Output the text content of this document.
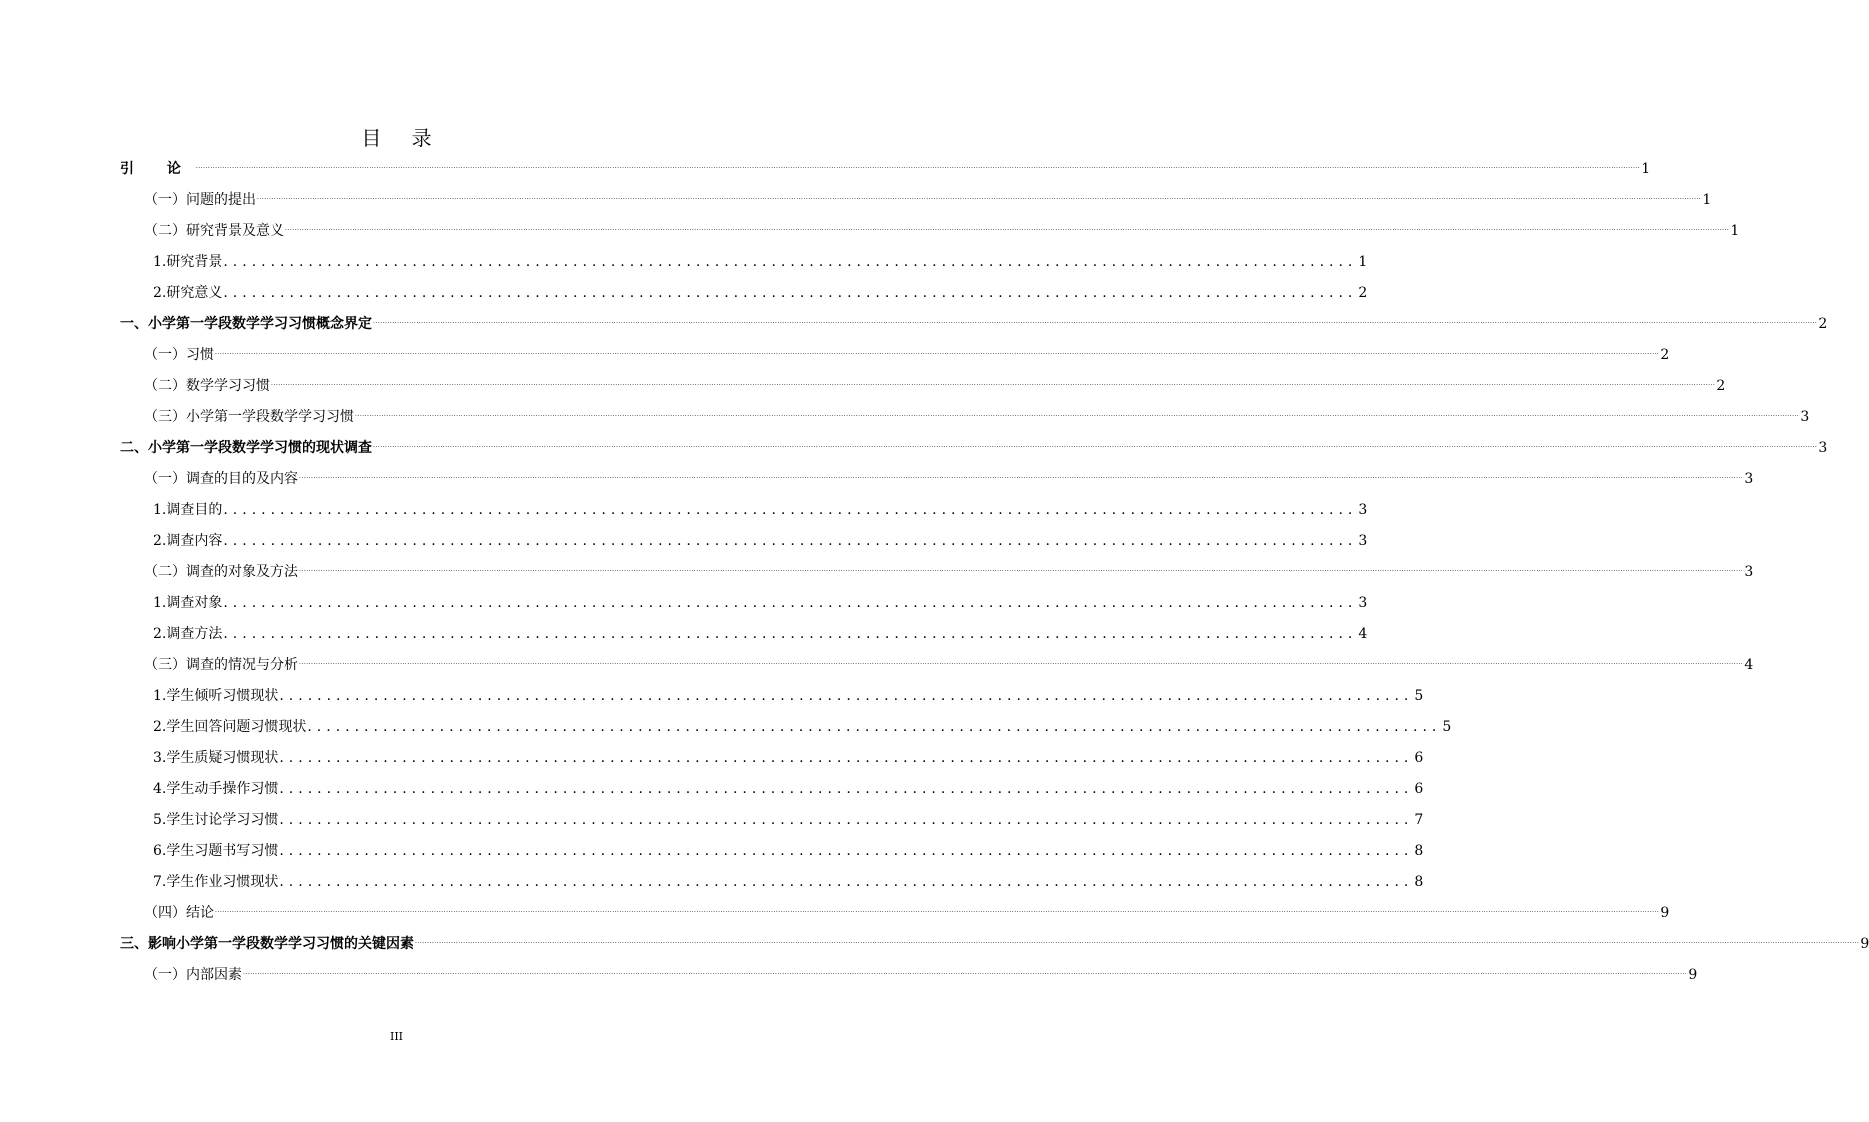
目 录
引 论 ........................................................................................................................................................................................................................................................................................................................................................................................................................................................................................................................................................................................................................ 1
（一）问题的提出 ........................................................................................................................................................................................................................................................................................................................................................................................................................................................................................................................................................................................................................ 1
（二）研究背景及意义 ........................................................................................................................................................................................................................................................................................................................................................................................................................................................................................................................................................................................................................ 1
1.研究背景 ........................................................................................................................ 1
2.研究意义 ........................................................................................................................ 2
一、小学第一学段数学学习习惯概念界定 ........................................................................................................................................................................................................................................................................................................................................................................................................................................................................................................................................................................................................................ 2
（一）习惯 ........................................................................................................................................................................................................................................................................................................................................................................................................................................................................................................................................................................................................................ 2
（二）数学学习习惯 ........................................................................................................................................................................................................................................................................................................................................................................................................................................................................................................................................................................................................................ 2
（三）小学第一学段数学学习习惯 ........................................................................................................................................................................................................................................................................................................................................................................................................................................................................................................................................................................................................................ 3
二、小学第一学段数学学习惯的现状调查 ........................................................................................................................................................................................................................................................................................................................................................................................................................................................................................................................................................................................................................ 3
（一）调查的目的及内容 ........................................................................................................................................................................................................................................................................................................................................................................................................................................................................................................................................................................................................................ 3
1.调查目的 ........................................................................................................................ 3
2.调查内容 ........................................................................................................................ 3
（二）调查的对象及方法 ........................................................................................................................................................................................................................................................................................................................................................................................................................................................................................................................................................................................................................ 3
1.调查对象 ........................................................................................................................ 3
2.调查方法 ........................................................................................................................ 4
（三）调查的情况与分析 ........................................................................................................................................................................................................................................................................................................................................................................................................................................................................................................................................................................................................................ 4
1.学生倾听习惯现状 ........................................................................................................................ 5
2.学生回答问题习惯现状 ........................................................................................................................ 5
3.学生质疑习惯现状 ........................................................................................................................ 6
4.学生动手操作习惯 ........................................................................................................................ 6
5.学生讨论学习习惯 ........................................................................................................................ 7
6.学生习题书写习惯 ........................................................................................................................ 8
7.学生作业习惯现状 ........................................................................................................................ 8
（四）结论 ........................................................................................................................................................................................................................................................................................................................................................................................................................................................................................................................................................................................................................ 9
三、影响小学第一学段数学学习习惯的关键因素 ........................................................................................................................................................................................................................................................................................................................................................................................................................................................................................................................................................................................................................ 9
（一）内部因素 ........................................................................................................................................................................................................................................................................................................................................................................................................................................................................................................................................................................................................................ 9
III
